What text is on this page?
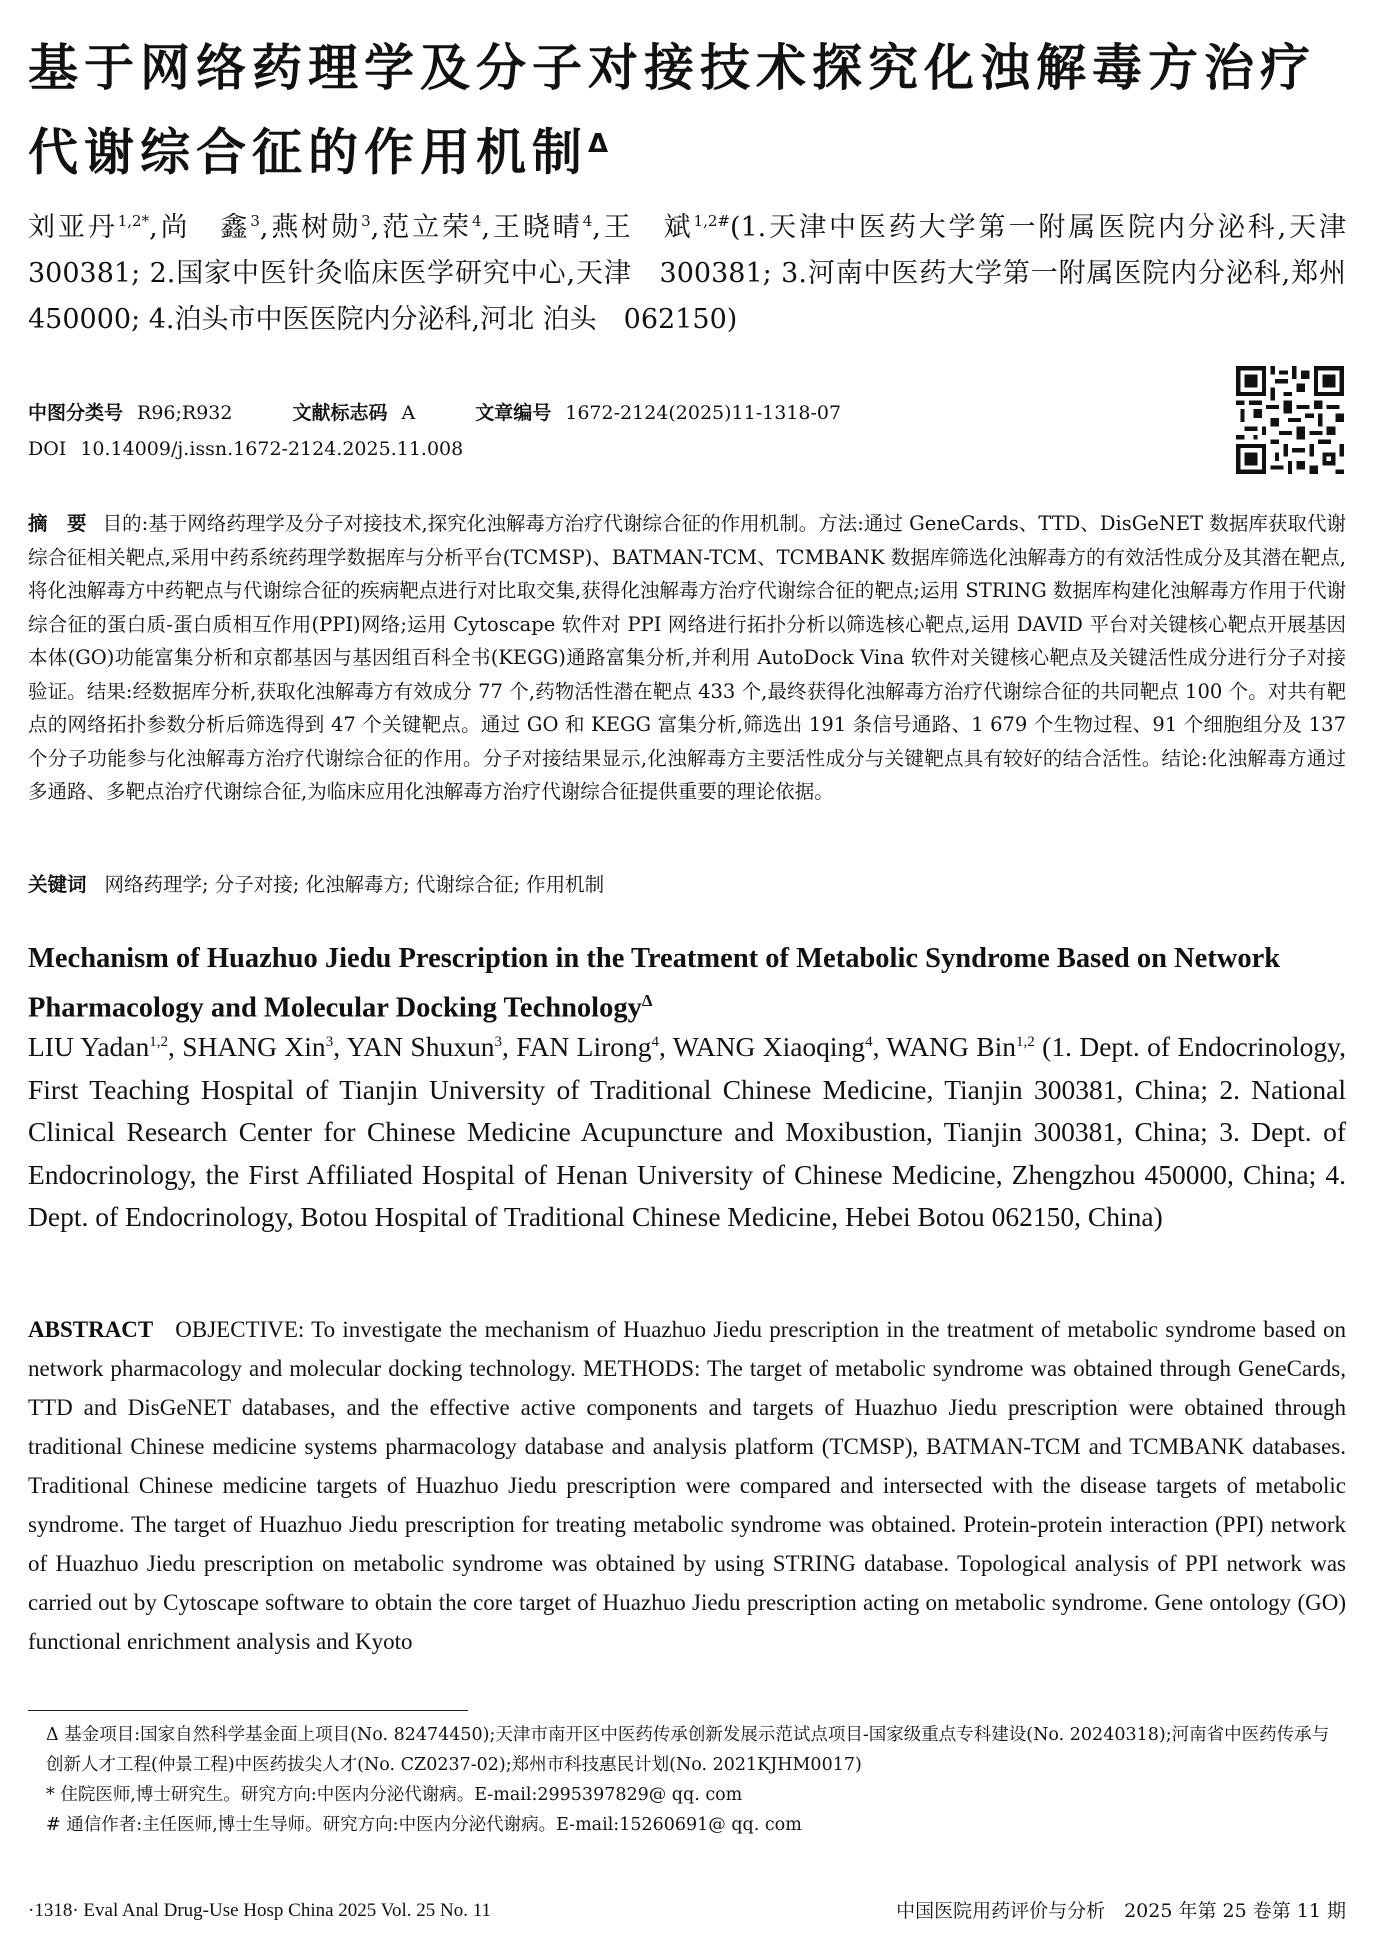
基于网络药理学及分子对接技术探究化浊解毒方治疗代谢综合征的作用机制$^\Delta$
刘亚丹$^{1,2*}$,尚　鑫$^3$,燕树勋$^3$,范立荣$^4$,王晓晴$^4$,王　斌$^{1,2\#}$(1.天津中医药大学第一附属医院内分泌科,天津　300381; 2.国家中医针灸临床医学研究中心,天津　300381; 3.河南中医药大学第一附属医院内分泌科,郑州　450000; 4.泊头市中医医院内分泌科,河北 泊头　062150)
中图分类号 R96;R932	文献标志码 A	文章编号 1672-2124(2025)11-1318-07
DOI 10.14009/j.issn.1672-2124.2025.11.008
摘　要 目的:基于网络药理学及分子对接技术,探究化浊解毒方治疗代谢综合征的作用机制。方法:通过 GeneCards、TTD、DisGeNET 数据库获取代谢综合征相关靶点,采用中药系统药理学数据库与分析平台(TCMSP)、BATMAN-TCM、TCMBANK 数据库筛选化浊解毒方的有效活性成分及其潜在靶点,将化浊解毒方中药靶点与代谢综合征的疾病靶点进行对比取交集,获得化浊解毒方治疗代谢综合征的靶点;运用 STRING 数据库构建化浊解毒方作用于代谢综合征的蛋白质-蛋白质相互作用(PPI)网络;运用 Cytoscape 软件对 PPI 网络进行拓扑分析以筛选核心靶点,运用 DAVID 平台对关键核心靶点开展基因本体(GO)功能富集分析和京都基因与基因组百科全书(KEGG)通路富集分析,并利用 AutoDock Vina 软件对关键核心靶点及关键活性成分进行分子对接验证。结果:经数据库分析,获取化浊解毒方有效成分 77 个,药物活性潜在靶点 433 个,最终获得化浊解毒方治疗代谢综合征的共同靶点 100 个。对共有靶点的网络拓扑参数分析后筛选得到 47 个关键靶点。通过 GO 和 KEGG 富集分析,筛选出 191 条信号通路、1 679 个生物过程、91 个细胞组分及 137 个分子功能参与化浊解毒方治疗代谢综合征的作用。分子对接结果显示,化浊解毒方主要活性成分与关键靶点具有较好的结合活性。结论:化浊解毒方通过多通路、多靶点治疗代谢综合征,为临床应用化浊解毒方治疗代谢综合征提供重要的理论依据。
关键词 网络药理学; 分子对接; 化浊解毒方; 代谢综合征; 作用机制
Mechanism of Huazhuo Jiedu Prescription in the Treatment of Metabolic Syndrome Based on Network Pharmacology and Molecular Docking Technology$^\Delta$
LIU Yadan$^{1,2}$, SHANG Xin$^3$, YAN Shuxun$^3$, FAN Lirong$^4$, WANG Xiaoqing$^4$, WANG Bin$^{1,2}$ (1. Dept. of Endocrinology, First Teaching Hospital of Tianjin University of Traditional Chinese Medicine, Tianjin 300381, China; 2. National Clinical Research Center for Chinese Medicine Acupuncture and Moxibustion, Tianjin 300381, China; 3. Dept. of Endocrinology, the First Affiliated Hospital of Henan University of Chinese Medicine, Zhengzhou 450000, China; 4. Dept. of Endocrinology, Botou Hospital of Traditional Chinese Medicine, Hebei Botou 062150, China)
ABSTRACT OBJECTIVE: To investigate the mechanism of Huazhuo Jiedu prescription in the treatment of metabolic syndrome based on network pharmacology and molecular docking technology. METHODS: The target of metabolic syndrome was obtained through GeneCards, TTD and DisGeNET databases, and the effective active components and targets of Huazhuo Jiedu prescription were obtained through traditional Chinese medicine systems pharmacology database and analysis platform (TCMSP), BATMAN-TCM and TCMBANK databases. Traditional Chinese medicine targets of Huazhuo Jiedu prescription were compared and intersected with the disease targets of metabolic syndrome. The target of Huazhuo Jiedu prescription for treating metabolic syndrome was obtained. Protein-protein interaction (PPI) network of Huazhuo Jiedu prescription on metabolic syndrome was obtained by using STRING database. Topological analysis of PPI network was carried out by Cytoscape software to obtain the core target of Huazhuo Jiedu prescription acting on metabolic syndrome. Gene ontology (GO) functional enrichment analysis and Kyoto

Δ 基金项目:国家自然科学基金面上项目(No. 82474450);天津市南开区中医药传承创新发展示范试点项目-国家级重点专科建设(No. 20240318);河南省中医药传承与创新人才工程(仲景工程)中医药拔尖人才(No. CZ0237-02);郑州市科技惠民计划(No. 2021KJHM0017)

* 住院医师,博士研究生。研究方向:中医内分泌代谢病。E-mail:2995397829@ qq. com

# 通信作者:主任医师,博士生导师。研究方向:中医内分泌代谢病。E-mail:15260691@ qq. com

·1318· Eval Anal Drug-Use Hosp China 2025 Vol. 25 No. 11	中国医院用药评价与分析　2025 年第 25 卷第 11 期
